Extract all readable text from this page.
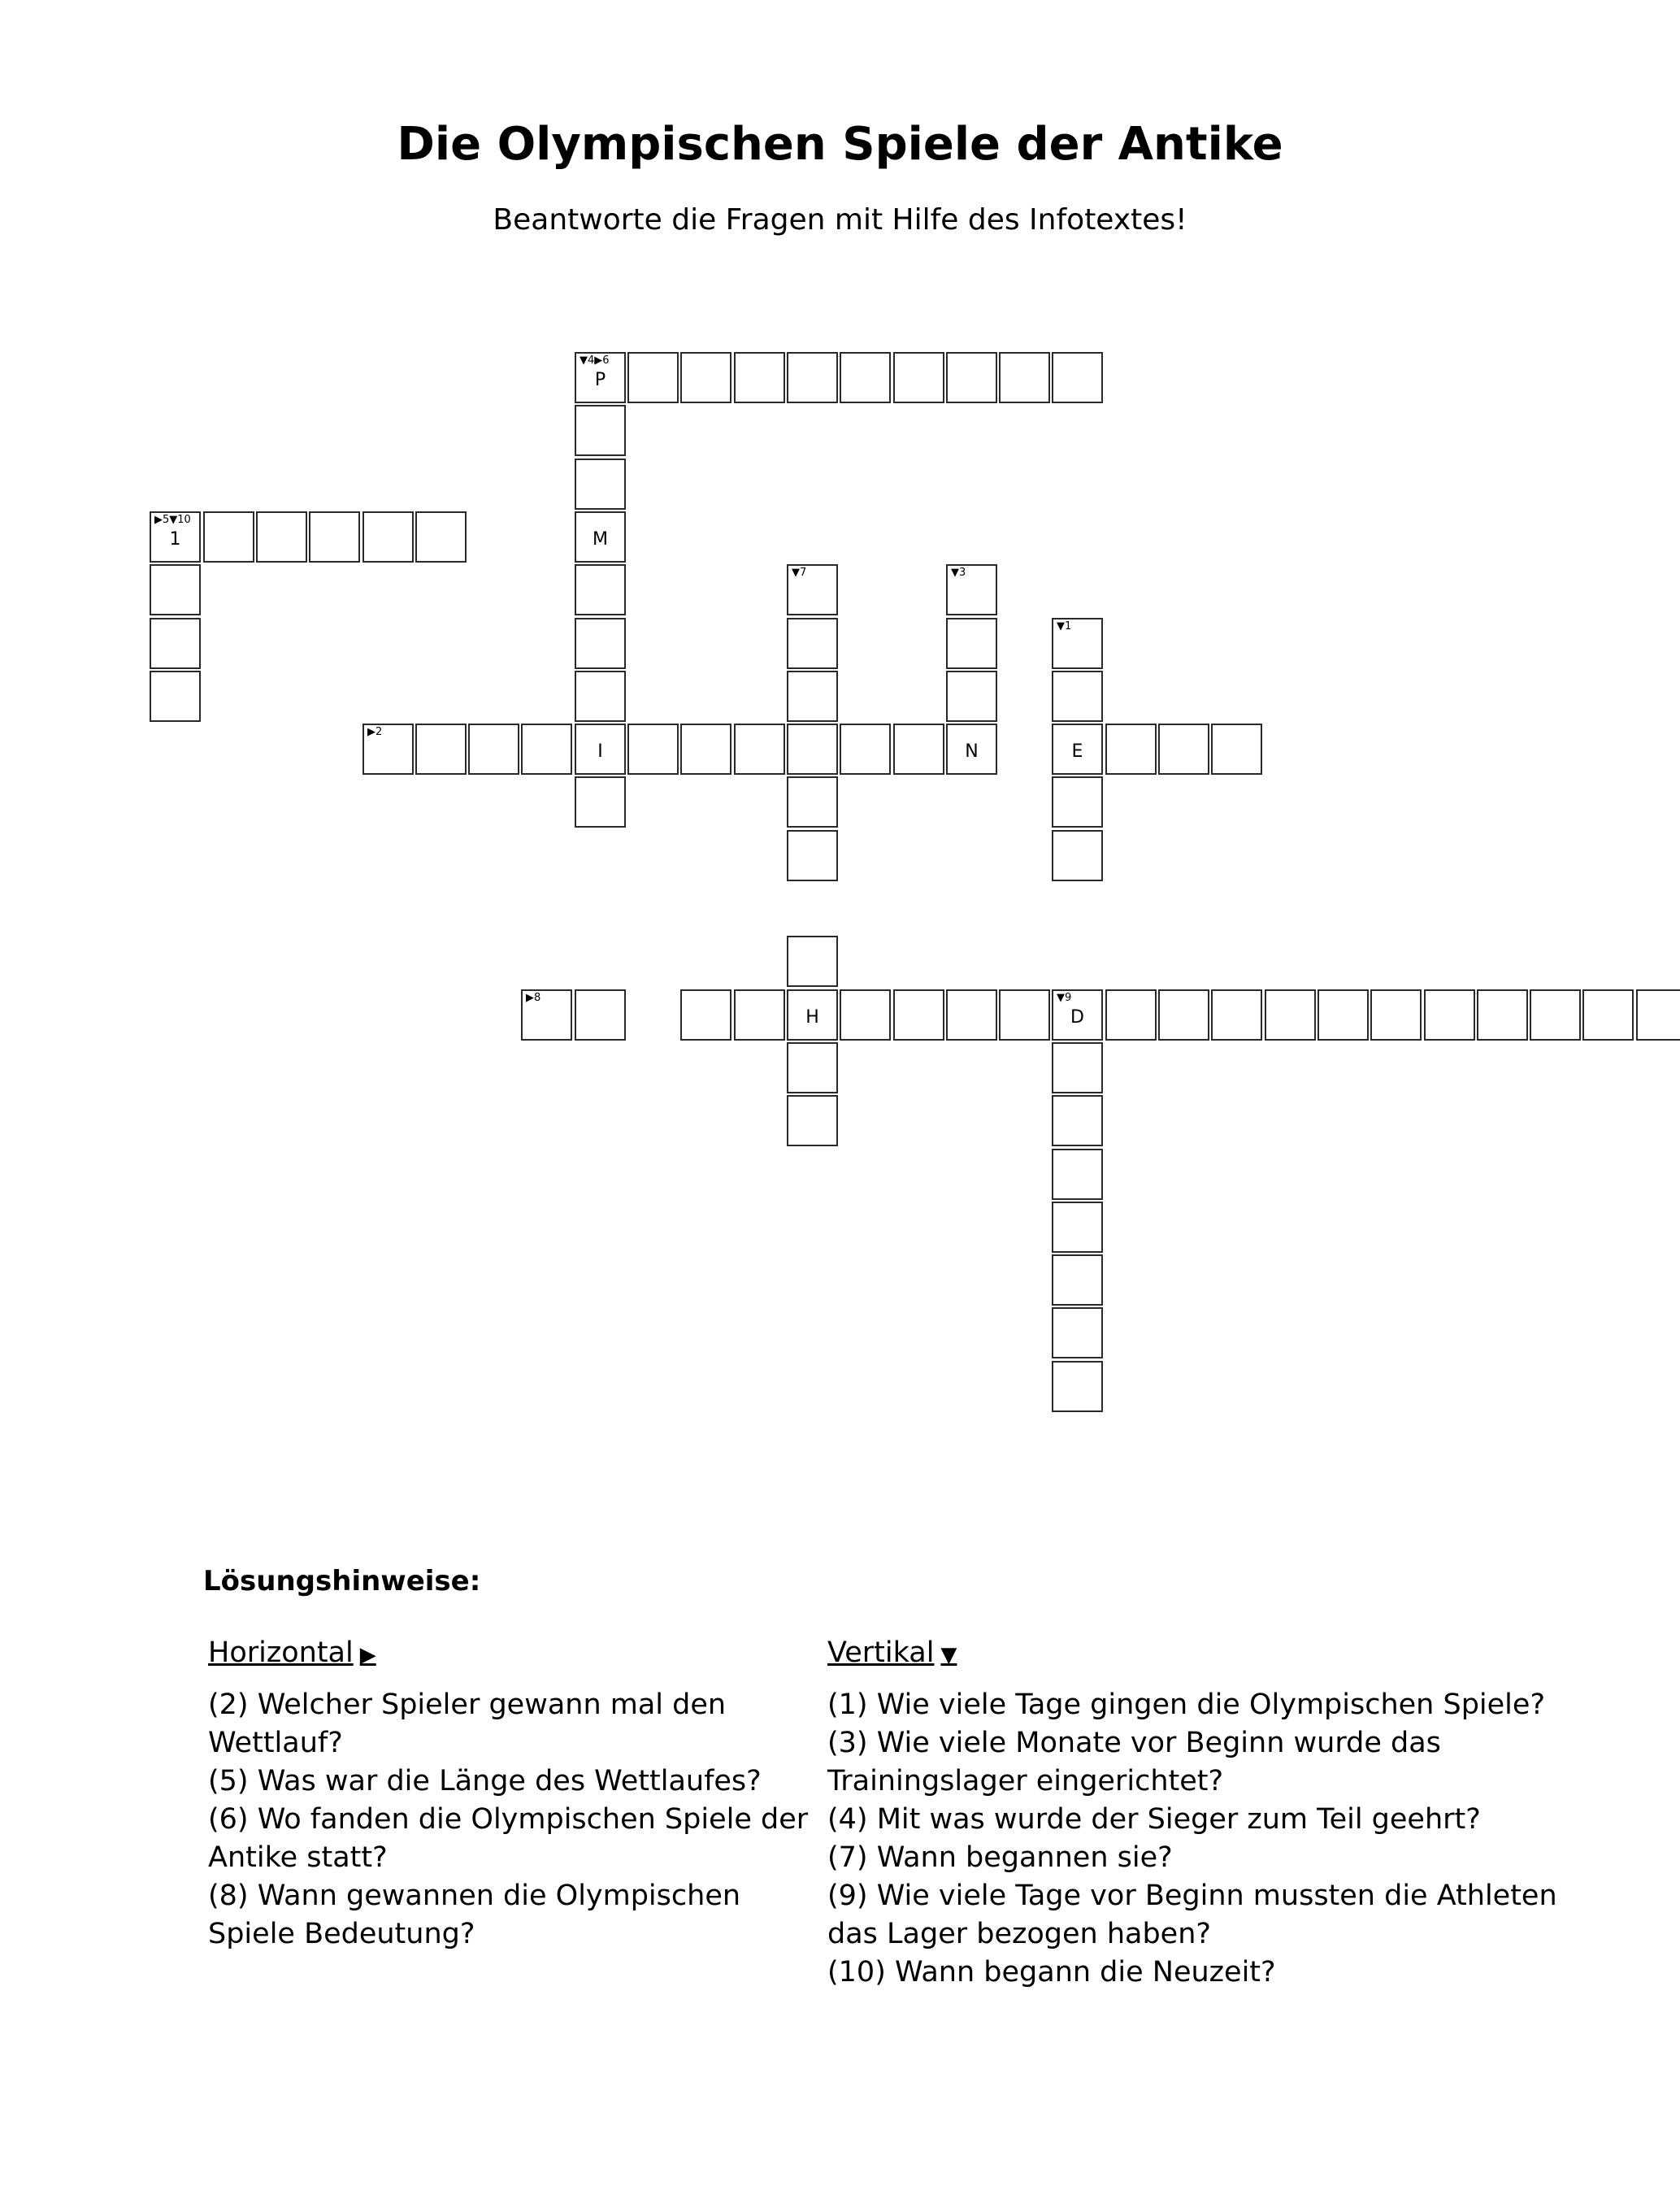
Die Olympischen Spiele der Antike
Beantworte die Fragen mit Hilfe des Infotextes!
▼4▶6
P
▶5▼10
1	M
▼7	▼3
▼1
▶2
I	N	E
▶8
H
▼9
D
Lösungshinweise:
Horizontal ▶
(2) Welcher Spieler gewann mal den
Wettlauf?
(5) Was war die Länge des Wettlaufes?
(6) Wo fanden die Olympischen Spiele der
Antike statt?
(8) Wann gewannen die Olympischen
Spiele Bedeutung?
Vertikal ▼
(1) Wie viele Tage gingen die Olympischen Spiele?
(3) Wie viele Monate vor Beginn wurde das
Trainingslager eingerichtet?
(4) Mit was wurde der Sieger zum Teil geehrt?
(7) Wann begannen sie?
(9) Wie viele Tage vor Beginn mussten die Athleten
das Lager bezogen haben?
(10) Wann begann die Neuzeit?
